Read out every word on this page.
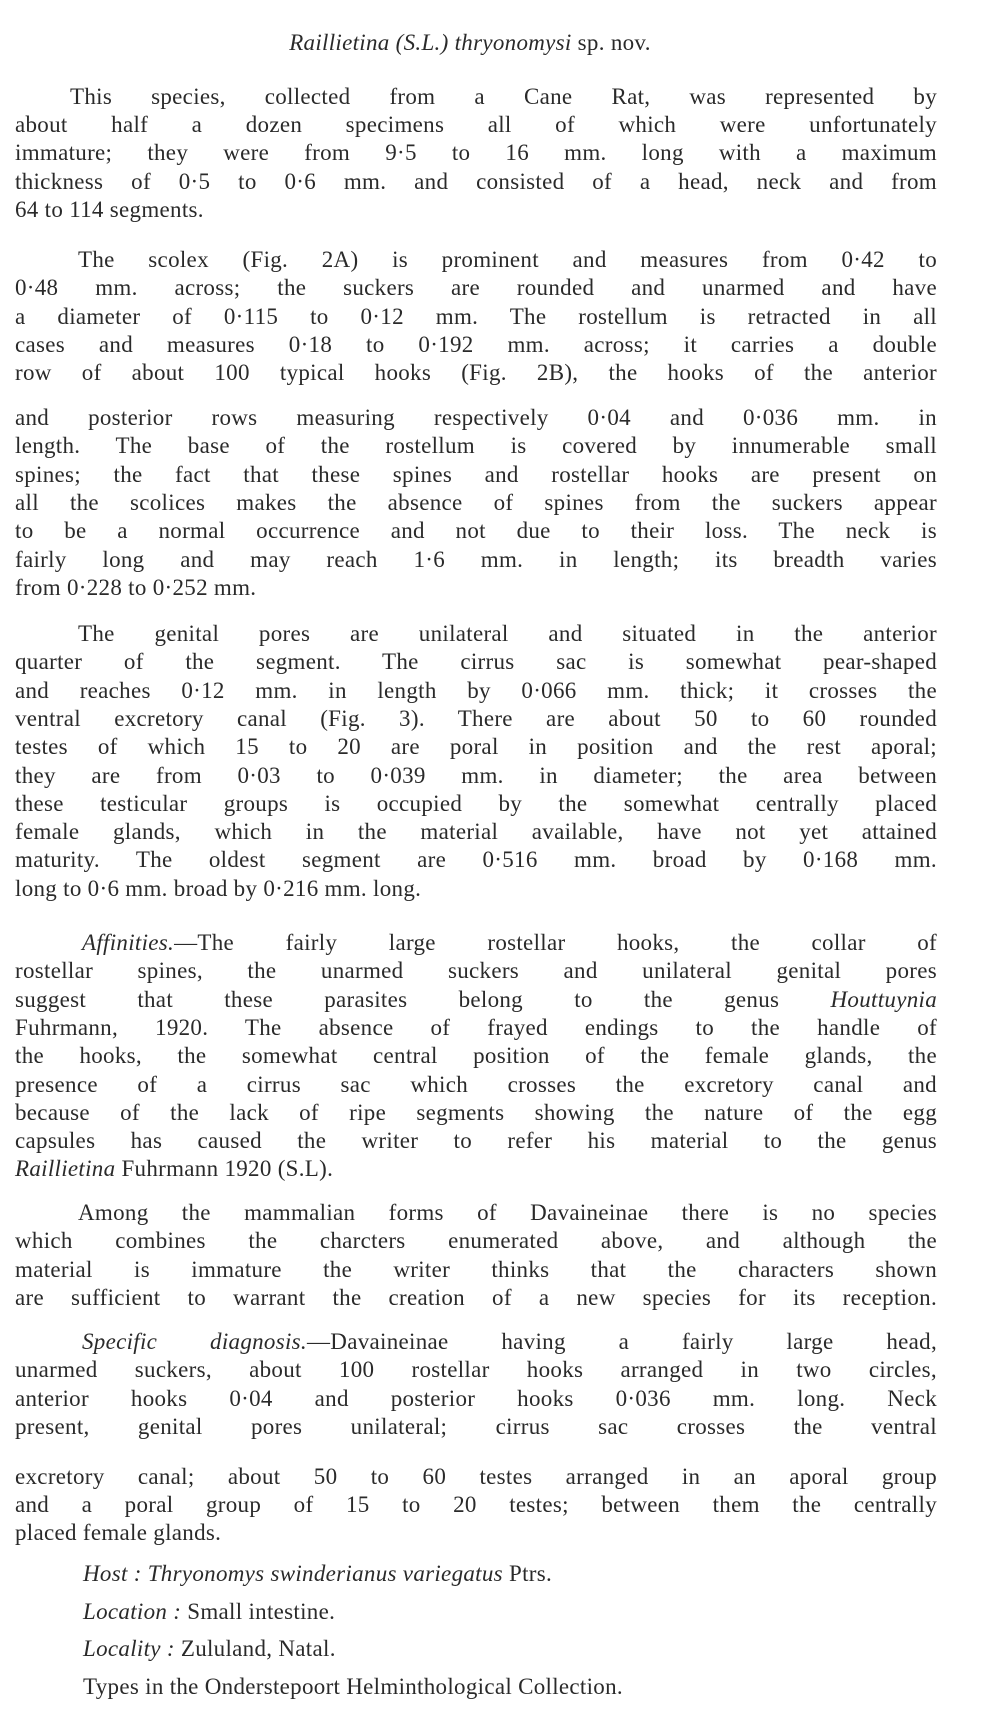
Raillietina (S.L.) thryonomysi sp. nov.
This species, collected from a Cane Rat, was represented by
about half a dozen specimens all of which were unfortunately
immature; they were from 9·5 to 16 mm. long with a maximum
thickness of 0·5 to 0·6 mm. and consisted of a head, neck and from
64 to 114 segments.
The scolex (Fig. 2A) is prominent and measures from 0·42 to
0·48 mm. across; the suckers are rounded and unarmed and have
a diameter of 0·115 to 0·12 mm. The rostellum is retracted in all
cases and measures 0·18 to 0·192 mm. across; it carries a double
row of about 100 typical hooks (Fig. 2B), the hooks of the anterior
and posterior rows measuring respectively 0·04 and 0·036 mm. in
length. The base of the rostellum is covered by innumerable small
spines; the fact that these spines and rostellar hooks are present on
all the scolices makes the absence of spines from the suckers appear
to be a normal occurrence and not due to their loss. The neck is
fairly long and may reach 1·6 mm. in length; its breadth varies
from 0·228 to 0·252 mm.
The genital pores are unilateral and situated in the anterior
quarter of the segment. The cirrus sac is somewhat pear-shaped
and reaches 0·12 mm. in length by 0·066 mm. thick; it crosses the
ventral excretory canal (Fig. 3). There are about 50 to 60 rounded
testes of which 15 to 20 are poral in position and the rest aporal;
they are from 0·03 to 0·039 mm. in diameter; the area between
these testicular groups is occupied by the somewhat centrally placed
female glands, which in the material available, have not yet attained
maturity. The oldest segment are 0·516 mm. broad by 0·168 mm.
long to 0·6 mm. broad by 0·216 mm. long.
Affinities.—The fairly large rostellar hooks, the collar of
rostellar spines, the unarmed suckers and unilateral genital pores
suggest that these parasites belong to the genus Houttuynia
Fuhrmann, 1920. The absence of frayed endings to the handle of
the hooks, the somewhat central position of the female glands, the
presence of a cirrus sac which crosses the excretory canal and
because of the lack of ripe segments showing the nature of the egg
capsules has caused the writer to refer his material to the genus
Raillietina Fuhrmann 1920 (S.L).
Among the mammalian forms of Davaineinae there is no species
which combines the charcters enumerated above, and although the
material is immature the writer thinks that the characters shown
are sufficient to warrant the creation of a new species for its reception.
Specific diagnosis.—Davaineinae having a fairly large head,
unarmed suckers, about 100 rostellar hooks arranged in two circles,
anterior hooks 0·04 and posterior hooks 0·036 mm. long. Neck
present, genital pores unilateral; cirrus sac crosses the ventral
excretory canal; about 50 to 60 testes arranged in an aporal group
and a poral group of 15 to 20 testes; between them the centrally
placed female glands.
Host : Thryonomys swinderianus variegatus Ptrs.
Location : Small intestine.
Locality : Zululand, Natal.
Types in the Onderstepoort Helminthological Collection.
